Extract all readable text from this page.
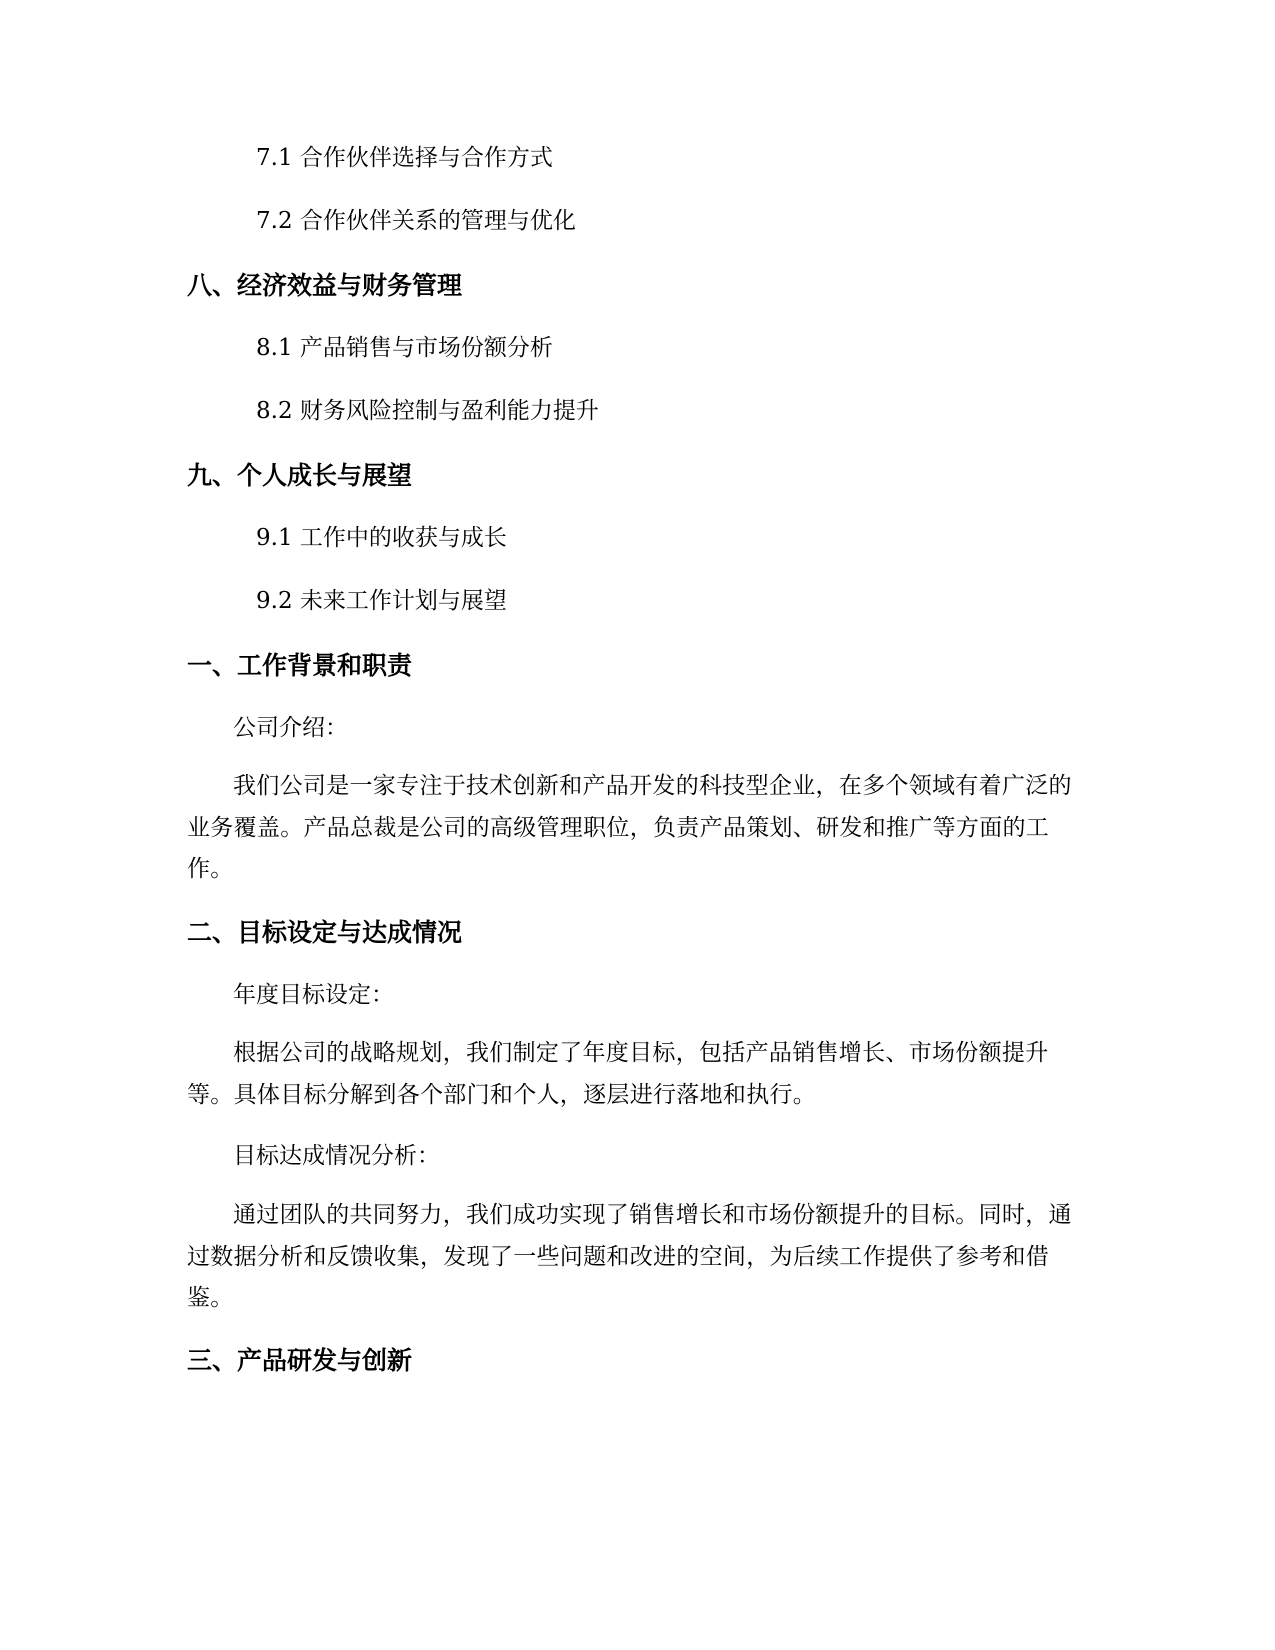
7.1 合作伙伴选择与合作方式
7.2 合作伙伴关系的管理与优化
八、经济效益与财务管理
8.1 产品销售与市场份额分析
8.2 财务风险控制与盈利能力提升
九、个人成长与展望
9.1 工作中的收获与成长
9.2 未来工作计划与展望
一、工作背景和职责
公司介绍：
我们公司是一家专注于技术创新和产品开发的科技型企业，在多个领域有着广泛的业务覆盖。产品总裁是公司的高级管理职位，负责产品策划、研发和推广等方面的工作。
二、目标设定与达成情况
年度目标设定：
根据公司的战略规划，我们制定了年度目标，包括产品销售增长、市场份额提升等。具体目标分解到各个部门和个人，逐层进行落地和执行。
目标达成情况分析：
通过团队的共同努力，我们成功实现了销售增长和市场份额提升的目标。同时，通过数据分析和反馈收集，发现了一些问题和改进的空间，为后续工作提供了参考和借鉴。
三、产品研发与创新
